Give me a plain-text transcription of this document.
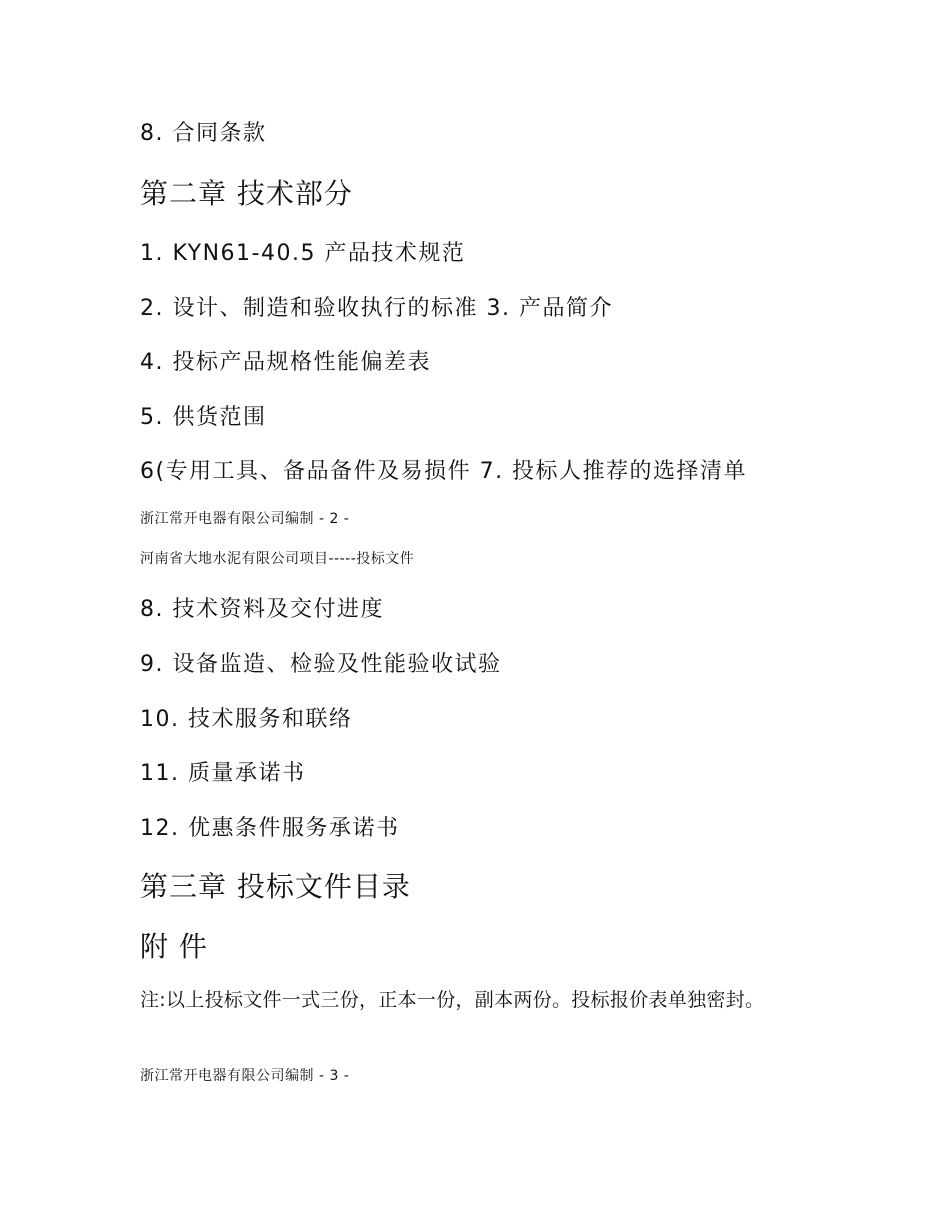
8. 合同条款
第二章 技术部分
1. KYN61-40.5 产品技术规范
2. 设计、制造和验收执行的标准 3. 产品简介
4. 投标产品规格性能偏差表
5. 供货范围
6(专用工具、备品备件及易损件 7. 投标人推荐的选择清单
浙江常开电器有限公司编制 - 2 -
河南省大地水泥有限公司项目-----投标文件
8. 技术资料及交付进度
9. 设备监造、检验及性能验收试验
10. 技术服务和联络
11. 质量承诺书
12. 优惠条件服务承诺书
第三章 投标文件目录
附 件
注:以上投标文件一式三份，正本一份，副本两份。投标报价表单独密封。
浙江常开电器有限公司编制 - 3 -
